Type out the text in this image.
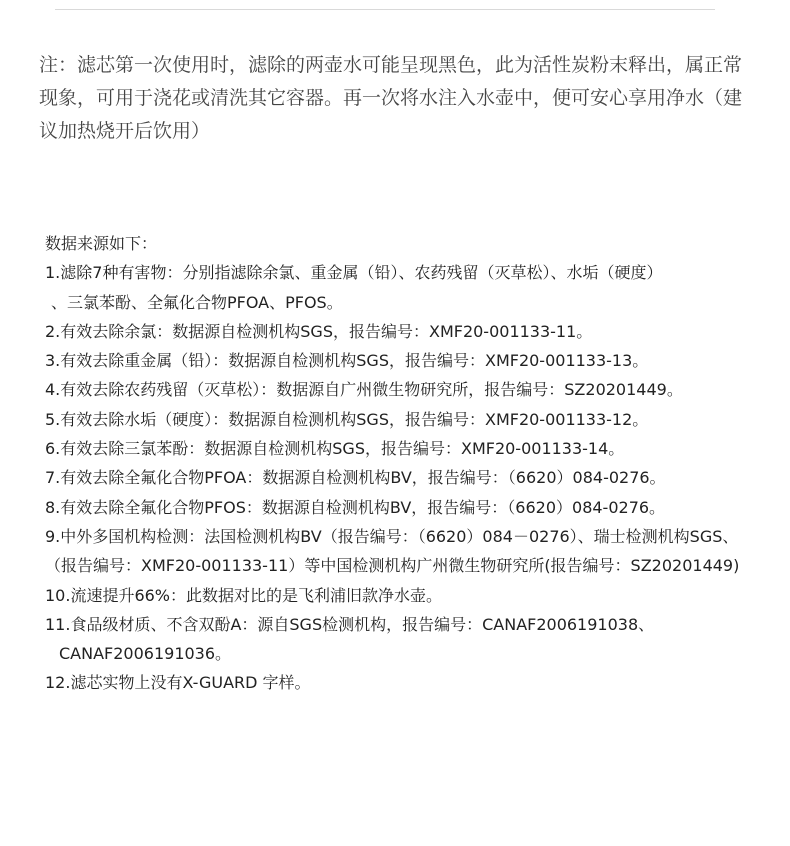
注：滤芯第一次使用时，滤除的两壶水可能呈现黑色，此为活性炭粉末释出，属正常

现象，可用于浇花或清洗其它容器。再一次将水注入水壶中，便可安心享用净水（建

议加热烧开后饮用）

数据来源如下：

1.滤除7种有害物：分别指滤除余氯、重金属（铅）、农药残留（灭草松）、水垢（硬度）

、三氯苯酚、全氟化合物PFOA、PFOS。

2.有效去除余氯：数据源自检测机构SGS，报告编号：XMF20-001133-11。

3.有效去除重金属（铅）：数据源自检测机构SGS，报告编号：XMF20-001133-13。

4.有效去除农药残留（灭草松）：数据源自广州微生物研究所，报告编号：SZ20201449。

5.有效去除水垢（硬度）：数据源自检测机构SGS，报告编号：XMF20-001133-12。

6.有效去除三氯苯酚：数据源自检测机构SGS，报告编号：XMF20-001133-14。

7.有效去除全氟化合物PFOA：数据源自检测机构BV，报告编号：（6620）084-0276。

8.有效去除全氟化合物PFOS：数据源自检测机构BV，报告编号：（6620）084-0276。

9.中外多国机构检测：法国检测机构BV（报告编号：（6620）084－0276）、瑞士检测机构SGS、

（报告编号：XMF20-001133-11）等中国检测机构广州微生物研究所(报告编号：SZ20201449)

10.流速提升66%：此数据对比的是飞利浦旧款净水壶。

11.食品级材质、不含双酚A：源自SGS检测机构，报告编号：CANAF2006191038、

CANAF2006191036。

12.滤芯实物上没有X-GUARD 字样。
